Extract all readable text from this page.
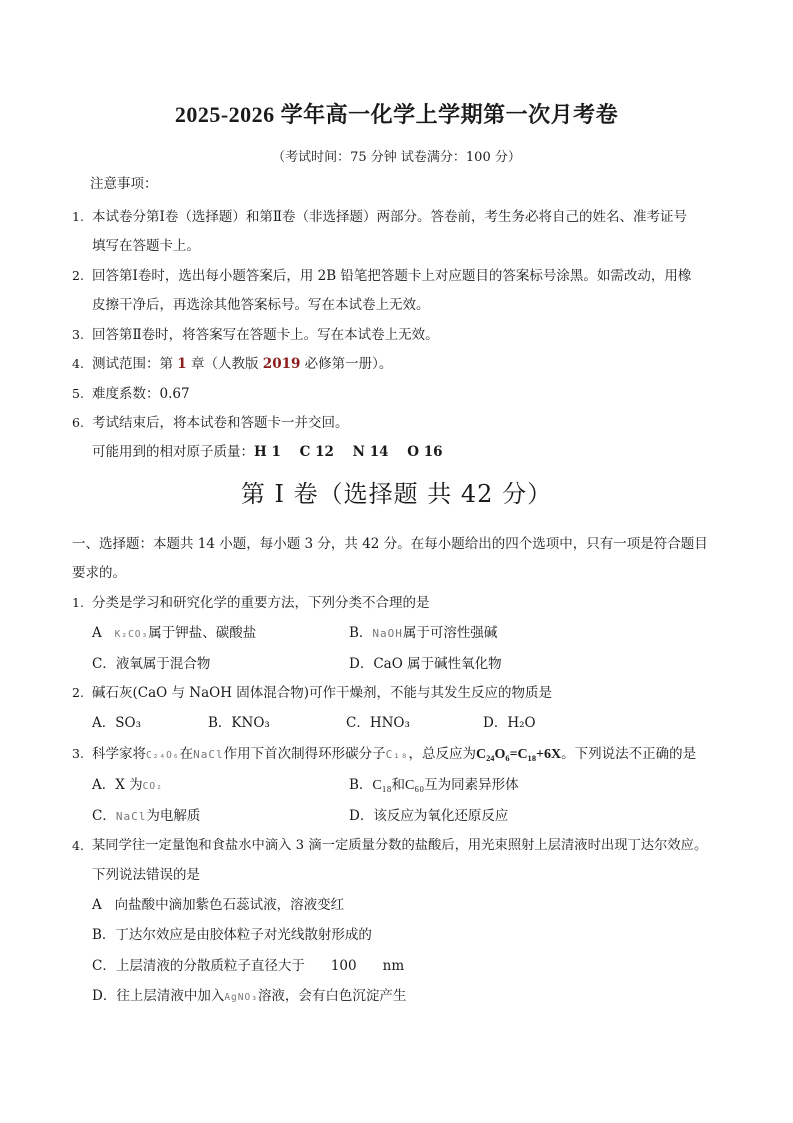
2025-2026 学年高一化学上学期第一次月考卷
（考试时间：75 分钟 试卷满分：100 分）
注意事项：
1. 本试卷分第Ⅰ卷（选择题）和第Ⅱ卷（非选择题）两部分。答卷前，考生务必将自己的姓名、准考证号
填写在答题卡上。
2. 回答第Ⅰ卷时，选出每小题答案后，用 2B 铅笔把答题卡上对应题目的答案标号涂黑。如需改动，用橡
皮擦干净后，再选涂其他答案标号。写在本试卷上无效。
3. 回答第Ⅱ卷时，将答案写在答题卡上。写在本试卷上无效。
4. 测试范围：第 1 章（人教版 2019 必修第一册）。
5. 难度系数：0.67
6. 考试结束后，将本试卷和答题卡一并交回。
可能用到的相对原子质量：H 1    C 12    N 14    O 16
第 Ⅰ 卷（选择题 共 42 分）
一、选择题：本题共 14 小题，每小题 3 分，共 42 分。在每小题给出的四个选项中，只有一项是符合题目
要求的。
1. 分类是学习和研究化学的重要方法，下列分类不合理的是
A K₂CO₃属于钾盐、碳酸盐	B．NaOH属于可溶性强碱
C．液氧属于混合物	D．CaO 属于碱性氧化物
2. 碱石灰(CaO 与 NaOH 固体混合物)可作干燥剂，不能与其发生反应的物质是
A．SO₃	B．KNO₃	C．HNO₃	D．H₂O
3. 科学家将C₂₄O₆在NaCl作用下首次制得环形碳分子C₁₈，总反应为C₂₄O₆=C₁₈+6X。下列说法不正确的是
A．X 为CO₂	B．C₁₈和C₆₀互为同素异形体
C．NaCl为电解质	D．该反应为氧化还原反应
4. 某同学往一定量饱和食盐水中滴入 3 滴一定质量分数的盐酸后，用光束照射上层清液时出现丁达尔效应。
下列说法错误的是
A   向盐酸中滴加紫色石蕊试液，溶液变红
B．丁达尔效应是由胶体粒子对光线散射形成的
C．上层清液的分散质粒子直径大于 100 nm
D．往上层清液中加入AgNO₃溶液，会有白色沉淀产生
